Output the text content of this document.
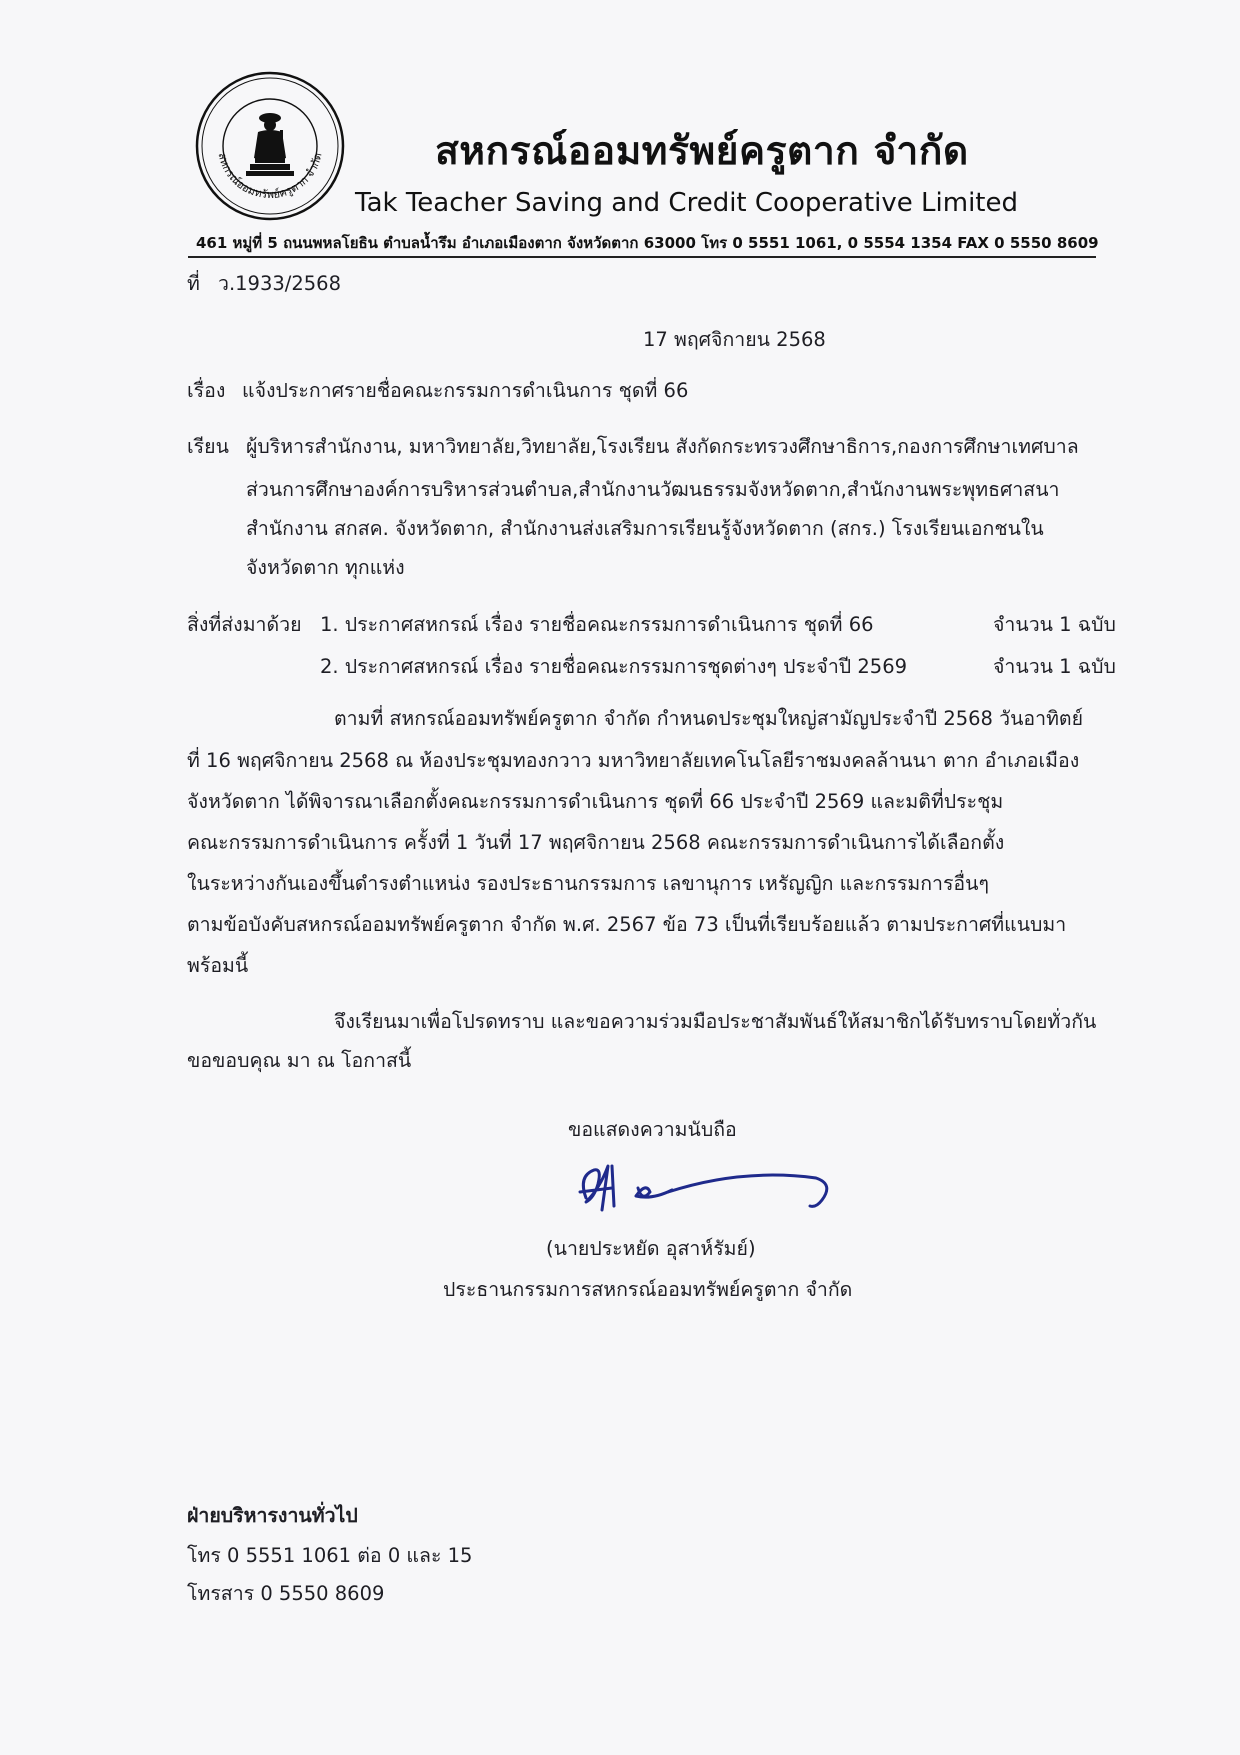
สหกรณ์ออมทรัพย์ครูตาก จำกัด	สหกรณ์ออมทรัพย์ครูตาก จำกัด
Tak Teacher Saving and Credit Cooperative Limited
461 หมู่ที่ 5 ถนนพหลโยธิน ตำบลน้ำรึม อำเภอเมืองตาก จังหวัดตาก 63000 โทร 0 5551 1061, 0 5554 1354 FAX 0 5550 8609
ที่ ว.1933/2568
17 พฤศจิกายน 2568
เรื่อง แจ้งประกาศรายชื่อคณะกรรมการดำเนินการ ชุดที่ 66
เรียน ผู้บริหารสำนักงาน, มหาวิทยาลัย,วิทยาลัย,โรงเรียน สังกัดกระทรวงศึกษาธิการ,กองการศึกษาเทศบาล
ส่วนการศึกษาองค์การบริหารส่วนตำบล,สำนักงานวัฒนธรรมจังหวัดตาก,สำนักงานพระพุทธศาสนา
สำนักงาน สกสค. จังหวัดตาก, สำนักงานส่งเสริมการเรียนรู้จังหวัดตาก (สกร.) โรงเรียนเอกชนใน
จังหวัดตาก ทุกแห่ง
สิ่งที่ส่งมาด้วย 1. ประกาศสหกรณ์ เรื่อง รายชื่อคณะกรรมการดำเนินการ ชุดที่ 66	จำนวน 1 ฉบับ
2. ประกาศสหกรณ์ เรื่อง รายชื่อคณะกรรมการชุดต่างๆ ประจำปี 2569	จำนวน 1 ฉบับ
ตามที่ สหกรณ์ออมทรัพย์ครูตาก จำกัด กำหนดประชุมใหญ่สามัญประจำปี 2568 วันอาทิตย์
ที่ 16 พฤศจิกายน 2568 ณ ห้องประชุมทองกวาว มหาวิทยาลัยเทคโนโลยีราชมงคลล้านนา ตาก อำเภอเมือง
จังหวัดตาก ได้พิจารณาเลือกตั้งคณะกรรมการดำเนินการ ชุดที่ 66 ประจำปี 2569 และมติที่ประชุม
คณะกรรมการดำเนินการ ครั้งที่ 1 วันที่ 17 พฤศจิกายน 2568 คณะกรรมการดำเนินการได้เลือกตั้ง
ในระหว่างกันเองขึ้นดำรงตำแหน่ง รองประธานกรรมการ เลขานุการ เหรัญญิก และกรรมการอื่นๆ
ตามข้อบังคับสหกรณ์ออมทรัพย์ครูตาก จำกัด พ.ศ. 2567 ข้อ 73 เป็นที่เรียบร้อยแล้ว ตามประกาศที่แนบมา
พร้อมนี้
จึงเรียนมาเพื่อโปรดทราบ และขอความร่วมมือประชาสัมพันธ์ให้สมาชิกได้รับทราบโดยทั่วกัน
ขอขอบคุณ มา ณ โอกาสนี้
ขอแสดงความนับถือ
(นายประหยัด อุสาห์รัมย์)
ประธานกรรมการสหกรณ์ออมทรัพย์ครูตาก จำกัด
ฝ่ายบริหารงานทั่วไป
โทร 0 5551 1061 ต่อ 0 และ 15
โทรสาร 0 5550 8609
